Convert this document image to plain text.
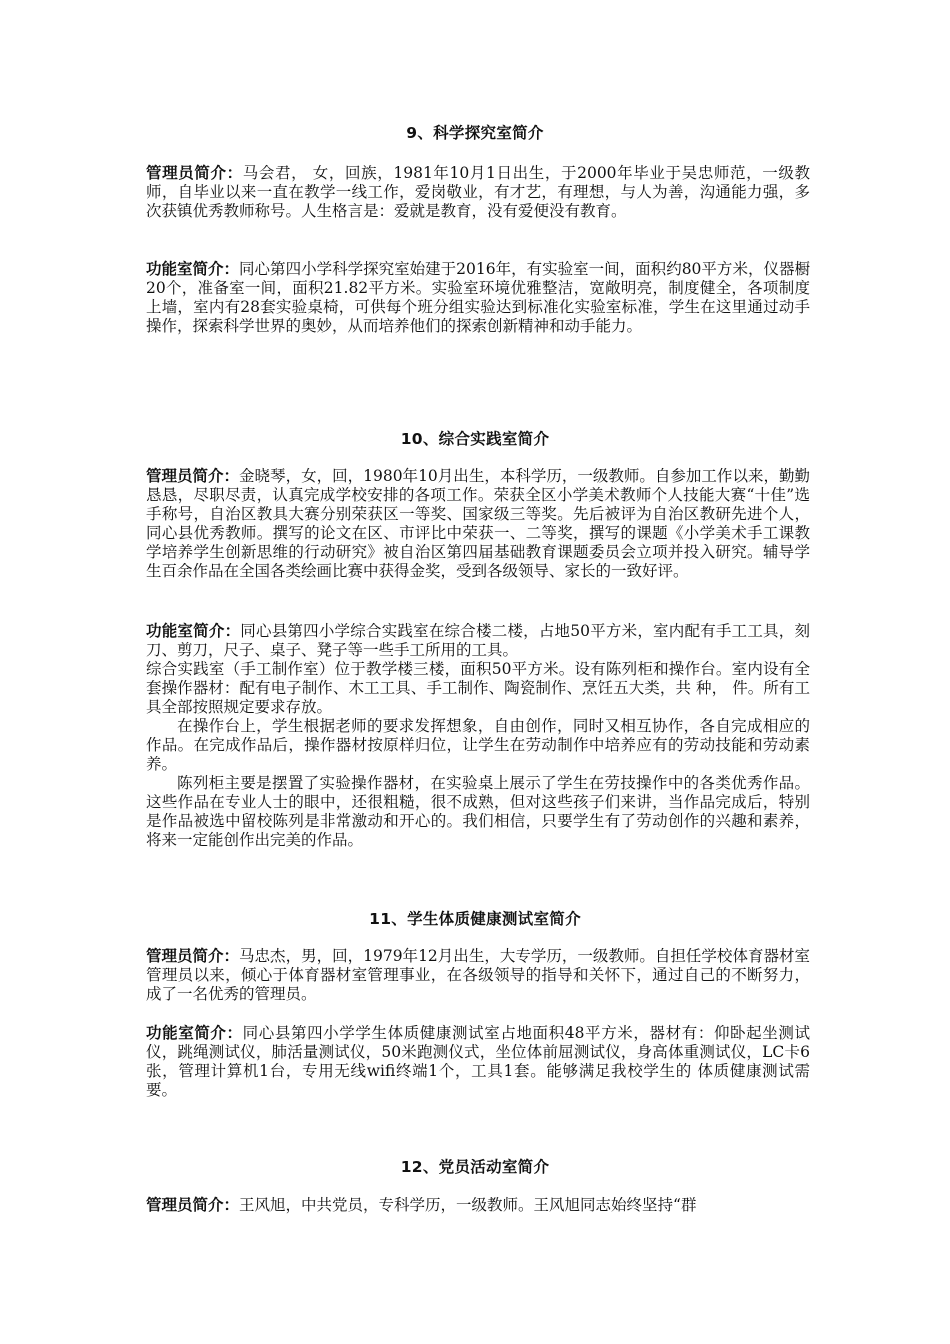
9、科学探究室简介
管理员简介：马会君， 女，回族，1981年10月1日出生，于2000年毕业于吴忠师范，一级教师，自毕业以来一直在教学一线工作，爱岗敬业，有才艺，有理想，与人为善，沟通能力强，多次获镇优秀教师称号。人生格言是：爱就是教育，没有爱便没有教育。
功能室简介：同心第四小学科学探究室始建于2016年，有实验室一间，面积约80平方米，仪器橱20个，准备室一间，面积21.82平方米。实验室环境优雅整洁，宽敞明亮，制度健全，各项制度上墙，室内有28套实验桌椅，可供每个班分组实验达到标准化实验室标准，学生在这里通过动手操作，探索科学世界的奥妙，从而培养他们的探索创新精神和动手能力。
10、综合实践室简介
管理员简介：金晓琴，女，回，1980年10月出生，本科学历，一级教师。自参加工作以来，勤勤恳恳，尽职尽责，认真完成学校安排的各项工作。荣获全区小学美术教师个人技能大赛“十佳”选手称号，自治区教具大赛分别荣获区一等奖、国家级三等奖。先后被评为自治区教研先进个人，同心县优秀教师。撰写的论文在区、市评比中荣获一、二等奖，撰写的课题《小学美术手工课教学培养学生创新思维的行动研究》被自治区第四届基础教育课题委员会立项并投入研究。辅导学生百余作品在全国各类绘画比赛中获得金奖，受到各级领导、家长的一致好评。
功能室简介：同心县第四小学综合实践室在综合楼二楼，占地50平方米，室内配有手工工具，刻刀、剪刀，尺子、桌子、凳子等一些手工所用的工具。
综合实践室（手工制作室）位于教学楼三楼，面积50平方米。设有陈列柜和操作台。室内设有全套操作器材：配有电子制作、木工工具、手工制作、陶瓷制作、烹饪五大类，共 种， 件。所有工具全部按照规定要求存放。
在操作台上，学生根据老师的要求发挥想象，自由创作，同时又相互协作，各自完成相应的作品。在完成作品后，操作器材按原样归位，让学生在劳动制作中培养应有的劳动技能和劳动素养。
陈列柜主要是摆置了实验操作器材，在实验桌上展示了学生在劳技操作中的各类优秀作品。这些作品在专业人士的眼中，还很粗糙，很不成熟，但对这些孩子们来讲，当作品完成后，特别是作品被选中留校陈列是非常激动和开心的。我们相信，只要学生有了劳动创作的兴趣和素养，将来一定能创作出完美的作品。
11、学生体质健康测试室简介
管理员简介：马忠杰，男，回，1979年12月出生，大专学历，一级教师。自担任学校体育器材室管理员以来，倾心于体育器材室管理事业，在各级领导的指导和关怀下，通过自己的不断努力，成了一名优秀的管理员。
功能室简介：同心县第四小学学生体质健康测试室占地面积48平方米，器材有：仰卧起坐测试仪，跳绳测试仪，肺活量测试仪，50米跑测仪式，坐位体前屈测试仪，身高体重测试仪，LC卡6张，管理计算机1台，专用无线wifi终端1个，工具1套。能够满足我校学生的 体质健康测试需要。
12、党员活动室简介
管理员简介：王风旭，中共党员，专科学历，一级教师。王风旭同志始终坚持“群
